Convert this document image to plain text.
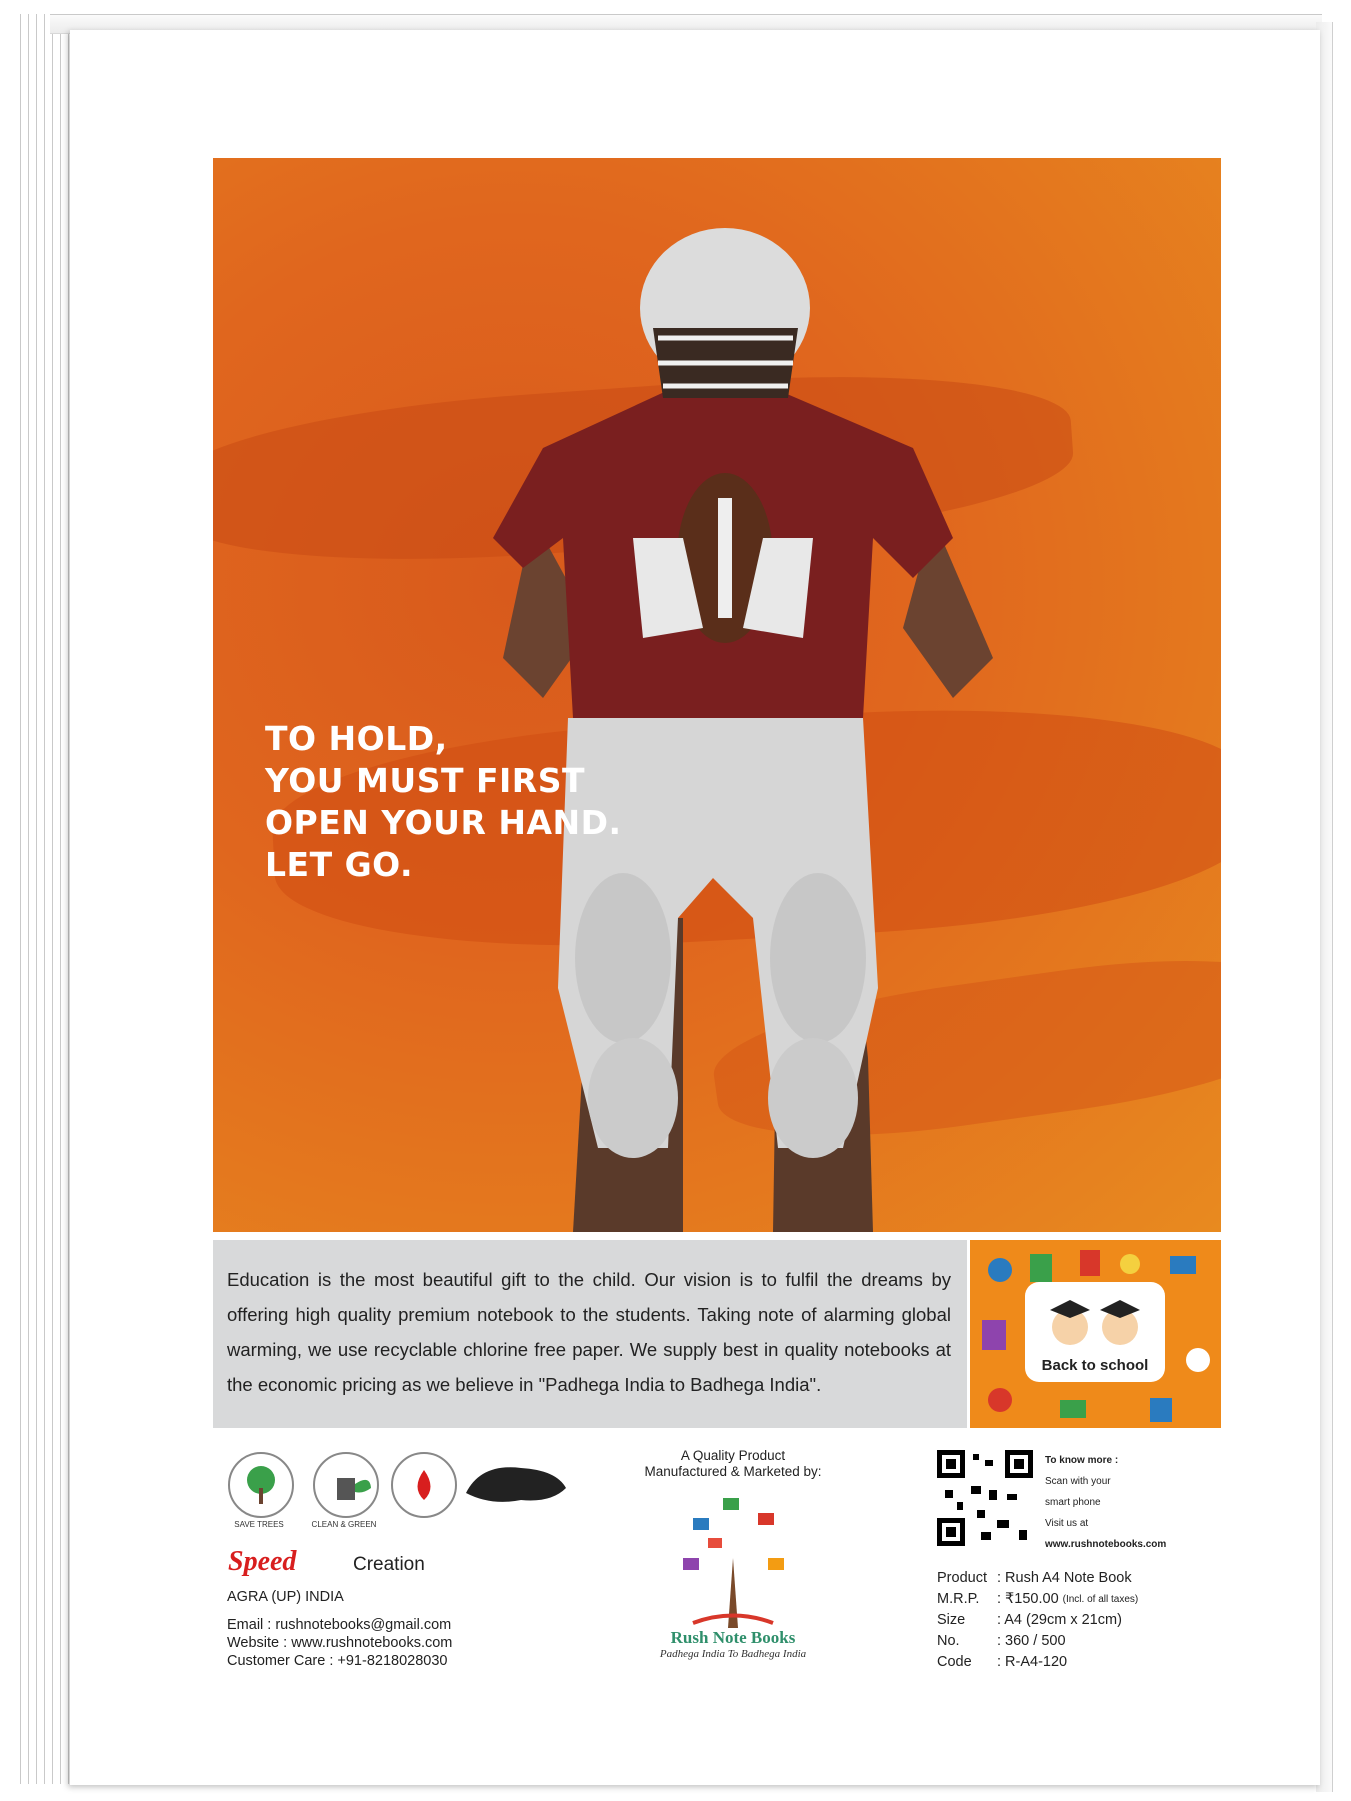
TO HOLD,
YOU MUST FIRST
OPEN YOUR HAND.
LET GO.
Education is the most beautiful gift to the child. Our vision is to fulfil the dreams by offering high quality premium notebook to the students. Taking note of alarming global warming, we use recyclable chlorine free paper. We supply best in quality notebooks at the economic pricing as we believe in "Padhega India to Badhega India".
Back to school
SAVE TREES	CLEAN & GREEN
Speed	Creation
AGRA (UP) INDIA
Email : rushnotebooks@gmail.com
Website : www.rushnotebooks.com
Customer Care : +91-8218028030
A Quality Product
Manufactured & Marketed by:
Rush Note Books
Padhega India To Badhega India
To know more :
Scan with your
smart phone
Visit us at
www.rushnotebooks.com
Product : Rush A4 Note Book
M.R.P.	: ₹150.00 (Incl. of all taxes)
Size	: A4 (29cm x 21cm)
No.	: 360 / 500
Code	: R-A4-120
